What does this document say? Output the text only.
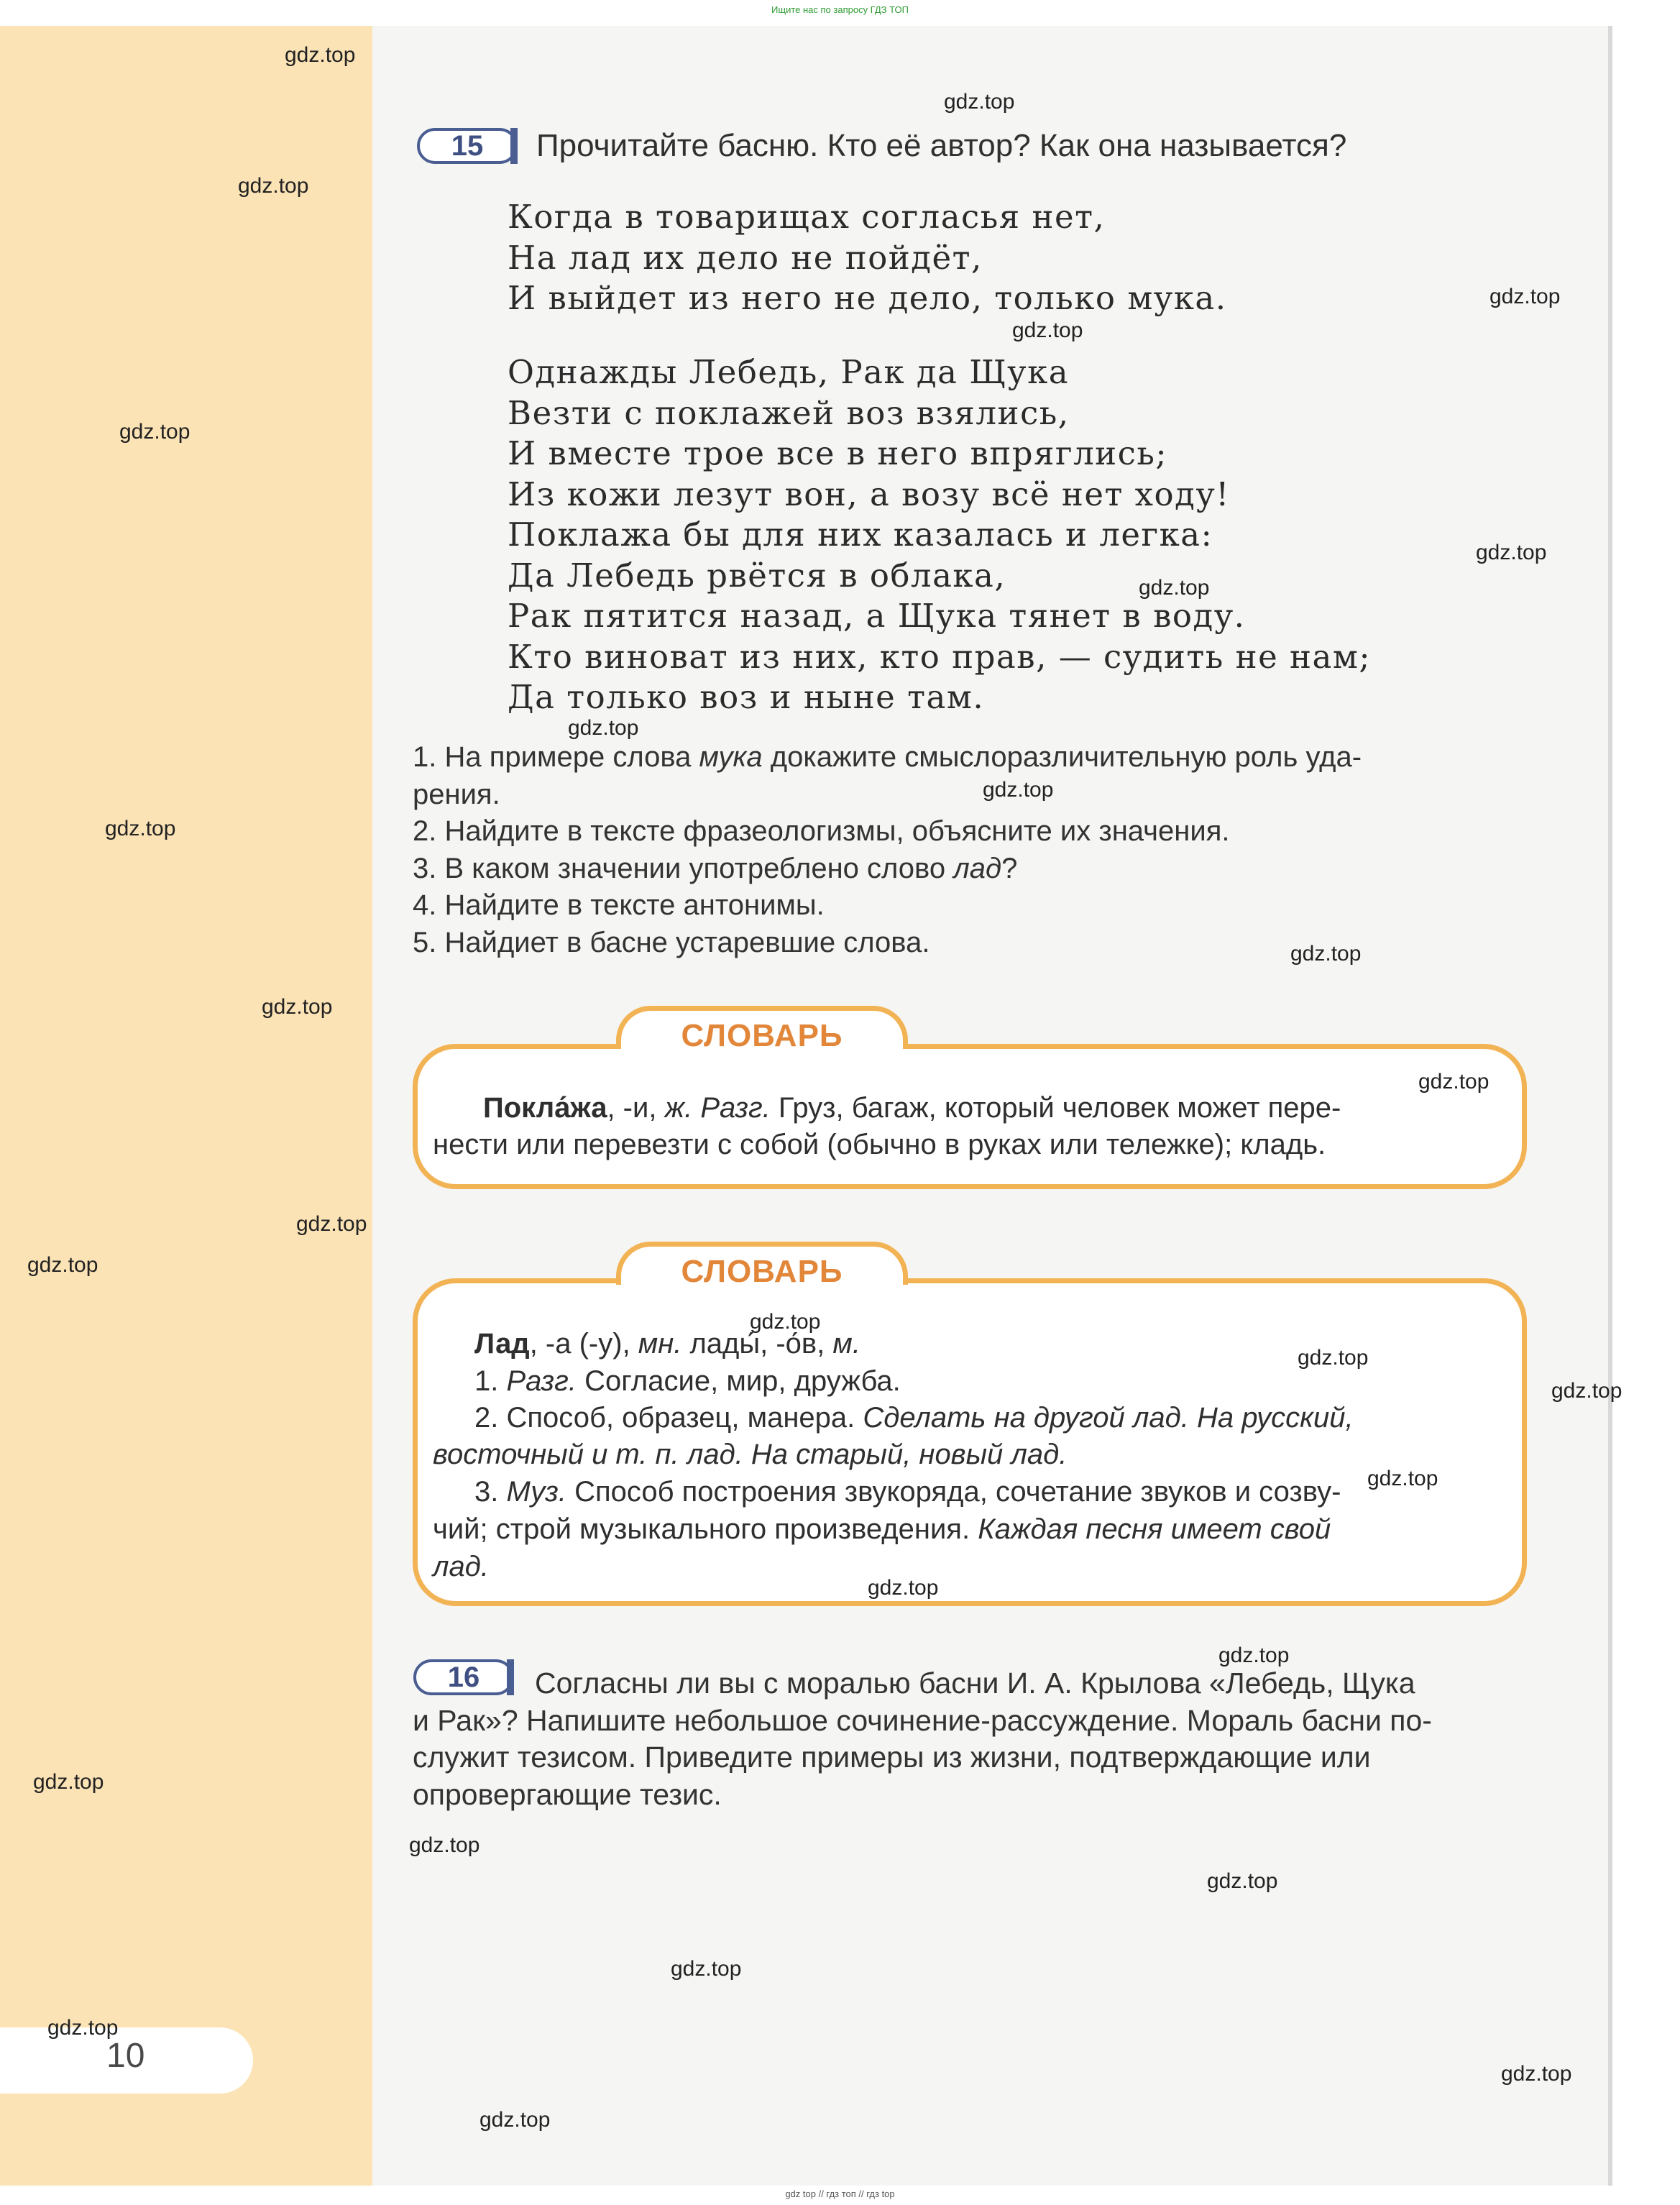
Ищите нас по запросу ГДЗ ТОП
15	Прочитайте басню. Кто её автор? Как она называется?
Когда в товарищах согласья нет,
На лад их дело не пойдёт,
И выйдет из него не дело, только мука.
Однажды Лебедь, Рак да Щука
Везти с поклажей воз взялись,
И вместе трое все в него впряглись;
Из кожи лезут вон, а возу всё нет ходу!
Поклажа бы для них казалась и легка:
Да Лебедь рвётся в облака,
Рак пятится назад, а Щука тянет в воду.
Кто виноват из них, кто прав, — судить не нам;
Да только воз и ныне там.
1. На примере слова мука докажите смыслоразличительную роль уда-
рения.
2. Найдите в тексте фразеологизмы, объясните их значения.
3. В каком значении употреблено слово лад?
4. Найдите в тексте антонимы.
5. Найдиет в басне устаревшие слова.
СЛОВАРЬ
Покла́жа, -и, ж. Разг. Груз, багаж, который человек может пере-
нести или перевезти с собой (обычно в руках или тележке); кладь.
СЛОВАРЬ
Лад, -а (-у), мн. лады́, -о́в, м.
1. Разг. Согласие, мир, дружба.
2. Способ, образец, манера. Сделать на другой лад. На русский,
восточный и т. п. лад. На старый, новый лад.
3. Муз. Способ построения звукоряда, сочетание звуков и созву-
чий; строй музыкального произведения. Каждая песня имеет свой
лад.
16	Согласны ли вы с моралью басни И. А. Крылова «Лебедь, Щука
и Рак»? Напишите небольшое сочинение-рассуждение. Мораль басни по-
служит тезисом. Приведите примеры из жизни, подтверждающие или
опровергающие тезис.
10
gdz.top
gdz.top
gdz.top
gdz.top
gdz.top
gdz.top
gdz.top
gdz.top
gdz.top
gdz.top
gdz.top
gdz.top
gdz.top
gdz.top
gdz.top
gdz.top
gdz.top
gdz.top
gdz.top
gdz.top
gdz.top
gdz.top
gdz.top
gdz.top
gdz.top
gdz.top
gdz.top
gdz.top
gdz.top
gdz top // гдз топ // гдз top
